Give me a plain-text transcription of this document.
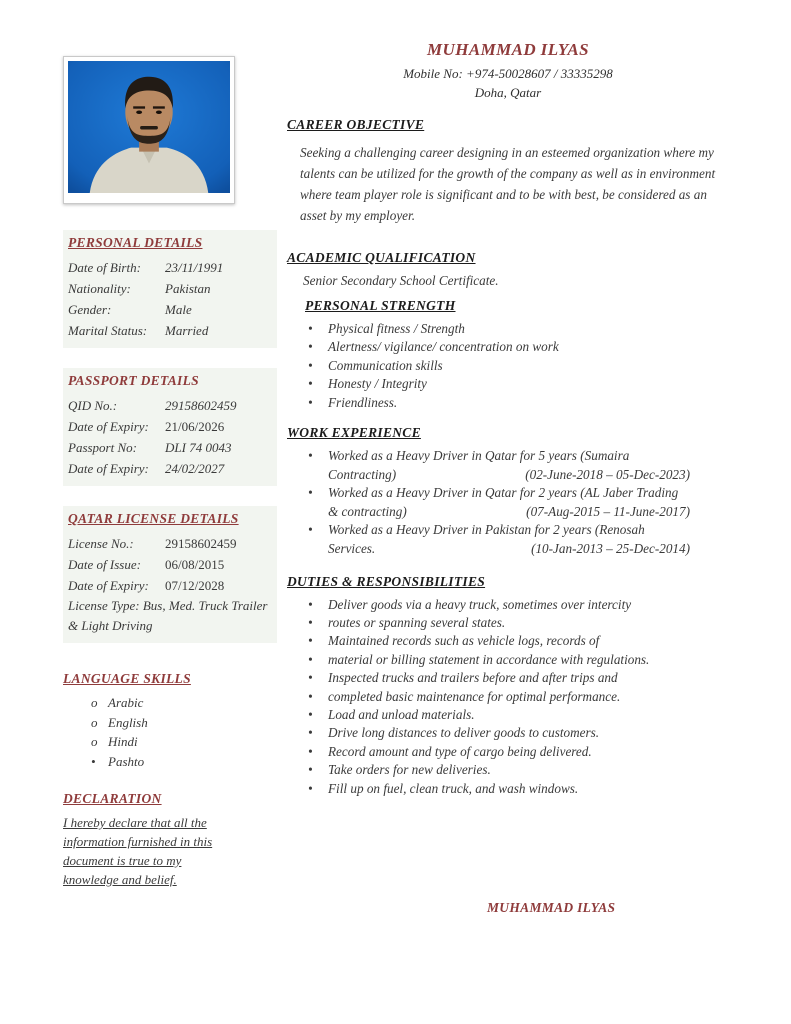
MUHAMMAD ILYAS
Mobile No: +974-50028607 / 33335298
Doha, Qatar
PERSONAL DETAILS
Date of Birth:	23/11/1991
Nationality:	Pakistan
Gender:	Male
Marital Status:	Married
PASSPORT DETAILS
QID No.:	29158602459
Date of Expiry:	21/06/2026
Passport No:	DLI 74 0043
Date of Expiry:	24/02/2027
QATAR LICENSE DETAILS
License No.:	29158602459
Date of Issue:	06/08/2015
Date of Expiry:	07/12/2028
License Type: Bus, Med. Truck Trailer & Light Driving
LANGUAGE SKILLS
o Arabic
o English
o Hindi
• Pashto
DECLARATION
I hereby declare that all the information furnished in this document is true to my knowledge and belief.
CAREER OBJECTIVE
Seeking a challenging career designing in an esteemed organization where my talents can be utilized for the growth of the company as well as in environment where team player role is significant and to be with best, be considered as an asset by my employer.
ACADEMIC QUALIFICATION
Senior Secondary School Certificate.
PERSONAL STRENGTH
• Physical fitness / Strength
• Alertness/ vigilance/ concentration on work
• Communication skills
• Honesty / Integrity
• Friendliness.
WORK EXPERIENCE
• Worked as a Heavy Driver in Qatar for 5 years (Sumaira
Contracting)	(02-June-2018 – 05-Dec-2023)
• Worked as a Heavy Driver in Qatar for 2 years (AL Jaber Trading
& contracting)	(07-Aug-2015 – 11-June-2017)
• Worked as a Heavy Driver in Pakistan for 2 years (Renosah
Services.	(10-Jan-2013 – 25-Dec-2014)
DUTIES & RESPONSIBILITIES
• Deliver goods via a heavy truck, sometimes over intercity
• routes or spanning several states.
• Maintained records such as vehicle logs, records of
• material or billing statement in accordance with regulations.
• Inspected trucks and trailers before and after trips and
• completed basic maintenance for optimal performance.
• Load and unload materials.
• Drive long distances to deliver goods to customers.
• Record amount and type of cargo being delivered.
• Take orders for new deliveries.
• Fill up on fuel, clean truck, and wash windows.
MUHAMMAD ILYAS
